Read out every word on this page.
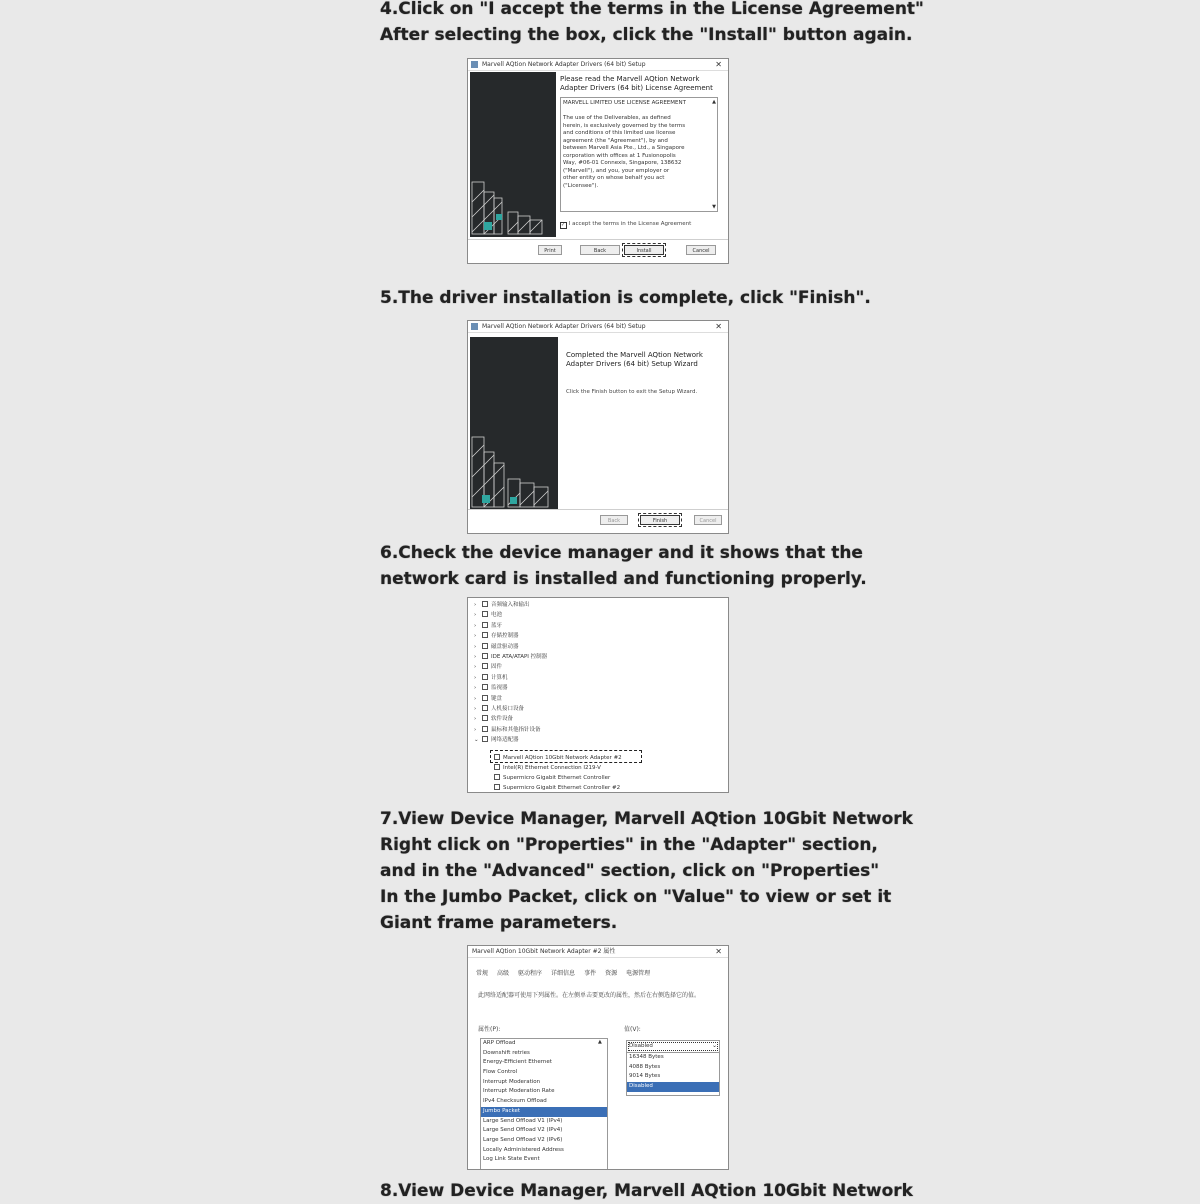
4.Click on "I accept the terms in the License Agreement"
After selecting the box, click the "Install" button again.
Marvell AQtion Network Adapter Drivers (64 bit) Setup	✕
Please read the Marvell AQtion Network Adapter Drivers (64 bit) License Agreement
MARVELL LIMITED USE LICENSE AGREEMENT
The use of the Deliverables, as defined
herein, is exclusively governed by the terms
and conditions of this limited use license
agreement (the "Agreement"), by and
between Marvell Asia Pte., Ltd., a Singapore
corporation with offices at 1 Fusionopolis
Way, #06-01 Connexis, Singapore, 138632
("Marvell"), and you, your employer or
other entity on whose behalf you act
("Licensee").
▲
▼
✓ I accept the terms in the License Agreement
Print	Back	Install	Cancel
5.The driver installation is complete, click "Finish".
Marvell AQtion Network Adapter Drivers (64 bit) Setup	✕
Completed the Marvell AQtion Network Adapter Drivers (64 bit) Setup Wizard
Click the Finish button to exit the Setup Wizard.
Back	Finish	Cancel
6.Check the device manager and it shows that the
network card is installed and functioning properly.
›	音频输入和输出
›	电池
›	蓝牙
›	存储控制器
›	磁盘驱动器
›	IDE ATA/ATAPI 控制器
›	固件
›	计算机
›	监视器
›	键盘
›	人机接口设备
›	软件设备
›	鼠标和其他指针设备
⌄ 网络适配器
Marvell AQtion 10Gbit Network Adapter #2
Intel(R) Ethernet Connection I219-V
Supermicro Gigabit Ethernet Controller
Supermicro Gigabit Ethernet Controller #2
7.View Device Manager, Marvell AQtion 10Gbit Network
Right click on "Properties" in the "Adapter" section,
and in the "Advanced" section, click on "Properties"
In the Jumbo Packet, click on "Value" to view or set it
Giant frame parameters.
Marvell AQtion 10Gbit Network Adapter #2 属性	✕
常规 高级 驱动程序 详细信息 事件 资源 电源管理
此网络适配器可使用下列属性。在左侧单击要更改的属性，然后在右侧选择它的值。
属性(P):	值(V):
ARP Offload
Downshift retries
Energy-Efficient Ethernet
Flow Control
Interrupt Moderation
Interrupt Moderation Rate
IPv4 Checksum Offload
Jumbo Packet
Large Send Offload V1 (IPv4)
Large Send Offload V2 (IPv4)
Large Send Offload V2 (IPv6)
Locally Administered Address
Log Link State Event
▲
Disabled	⌄
16348 Bytes
4088 Bytes
9014 Bytes
Disabled
8.View Device Manager, Marvell AQtion 10Gbit Network
